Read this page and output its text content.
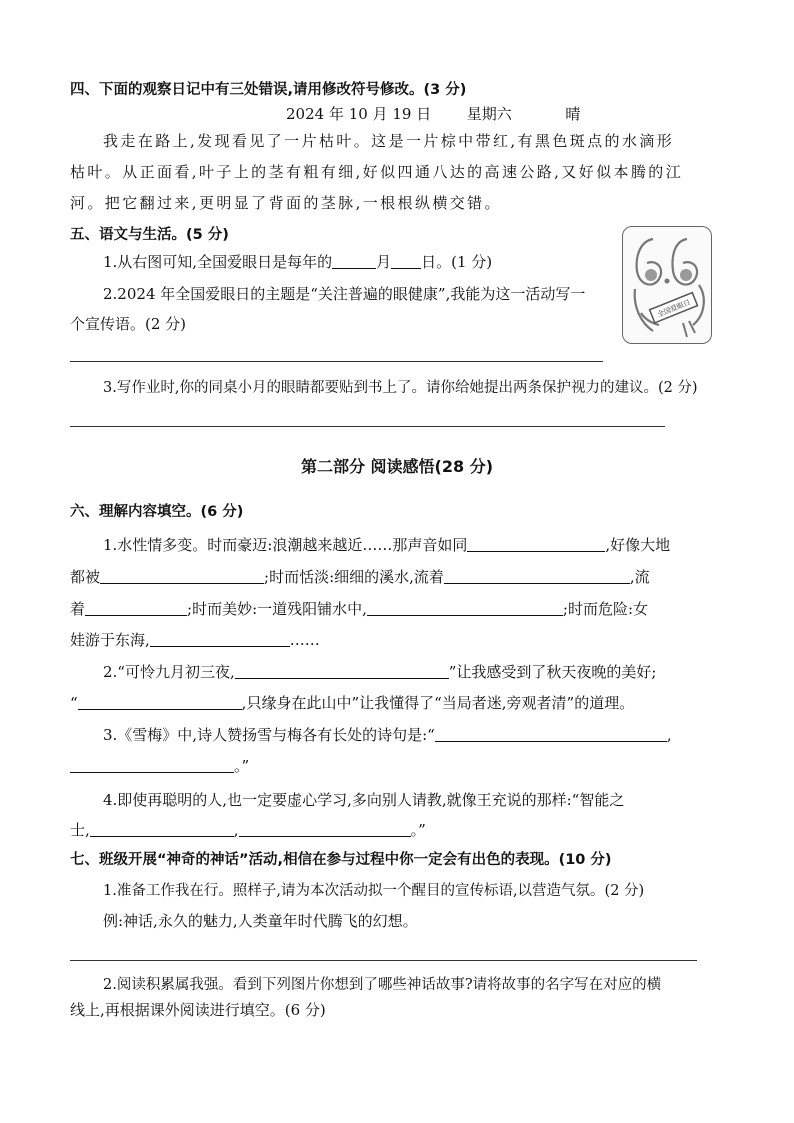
四、下面的观察日记中有三处错误,请用修改符号修改。(3 分)
2024 年 10 月 19 日 星期六	晴
我走在路上,发现看见了一片枯叶。这是一片棕中带红,有黑色斑点的水滴形
枯叶。从正面看,叶子上的茎有粗有细,好似四通八达的高速公路,又好似本腾的江
河。把它翻过来,更明显了背面的茎脉,一根根纵横交错。
五、语文与生活。(5 分)
1.从右图可知,全国爱眼日是每年的	月 日。(1 分)
2.2024 年全国爱眼日的主题是“关注普遍的眼健康”,我能为这一活动写一
个宣传语。(2 分)
3.写作业时,你的同桌小月的眼睛都要贴到书上了。请你给她提出两条保护视力的建议。(2 分)
全国爱眼日
第二部分 阅读感悟(28 分)
六、理解内容填空。(6 分)
1.水性情多变。时而豪迈:浪潮越来越近……那声音如同	,好像大地
都被	;时而恬淡:细细的溪水,流着	,流
着	;时而美妙:一道残阳铺水中,	;时而危险:女
娃游于东海,	……
2.“可怜九月初三夜,	”让我感受到了秋天夜晚的美好;
“	,只缘身在此山中”让我懂得了“当局者迷,旁观者清”的道理。
3.《雪梅》中,诗人赞扬雪与梅各有长处的诗句是:“	,
。”
4.即使再聪明的人,也一定要虚心学习,多向别人请教,就像王充说的那样:“智能之
士,	,	。”
七、班级开展“神奇的神话”活动,相信在参与过程中你一定会有出色的表现。(10 分)
1.准备工作我在行。照样子,请为本次活动拟一个醒目的宣传标语,以营造气氛。(2 分)
例:神话,永久的魅力,人类童年时代腾飞的幻想。
2.阅读积累属我强。看到下列图片你想到了哪些神话故事?请将故事的名字写在对应的横
线上,再根据课外阅读进行填空。(6 分)
